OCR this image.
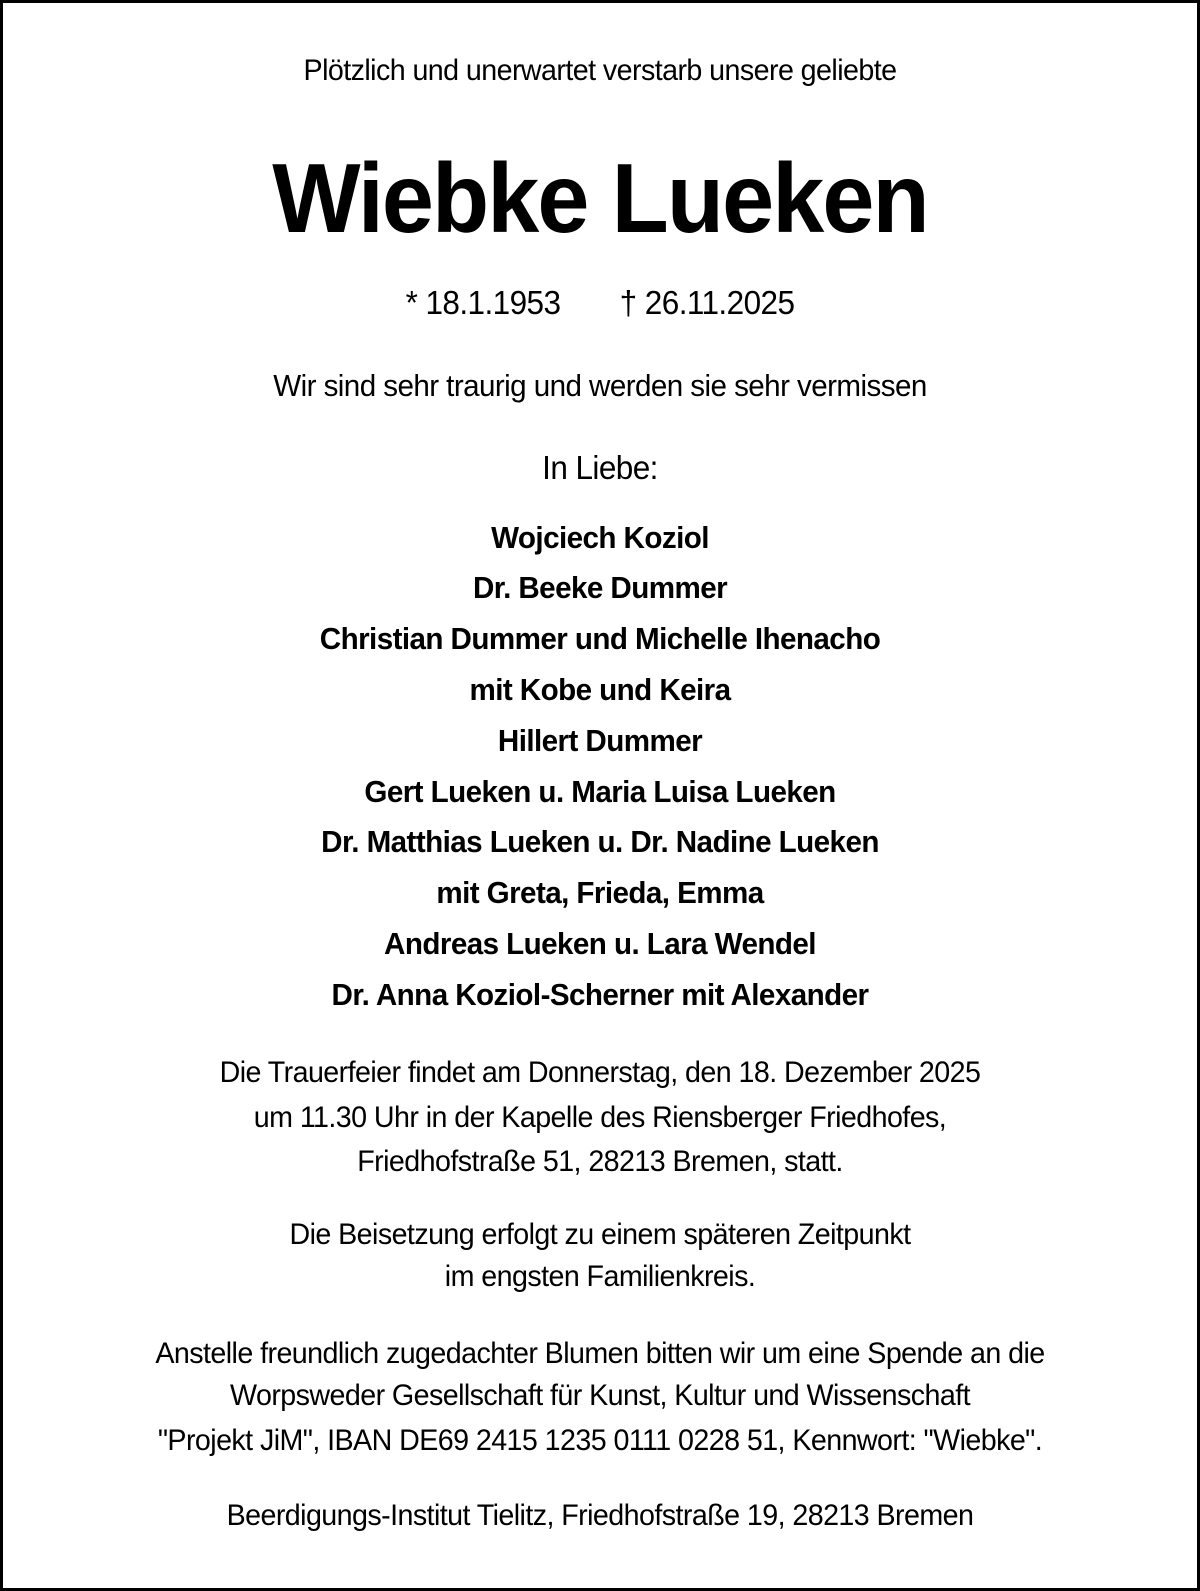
Plötzlich und unerwartet verstarb unsere geliebte
Wiebke Lueken
* 18.1.1953 † 26.11.2025
Wir sind sehr traurig und werden sie sehr vermissen
In Liebe:
Wojciech Koziol
Dr. Beeke Dummer
Christian Dummer und Michelle Ihenacho
mit Kobe und Keira
Hillert Dummer
Gert Lueken u. Maria Luisa Lueken
Dr. Matthias Lueken u. Dr. Nadine Lueken
mit Greta, Frieda, Emma
Andreas Lueken u. Lara Wendel
Dr. Anna Koziol-Scherner mit Alexander
Die Trauerfeier findet am Donnerstag, den 18. Dezember 2025
um 11.30 Uhr in der Kapelle des Riensberger Friedhofes,
Friedhofstraße 51, 28213 Bremen, statt.
Die Beisetzung erfolgt zu einem späteren Zeitpunkt
im engsten Familienkreis.
Anstelle freundlich zugedachter Blumen bitten wir um eine Spende an die
Worpsweder Gesellschaft für Kunst, Kultur und Wissenschaft
"Projekt JiM", IBAN DE69 2415 1235 0111 0228 51, Kennwort: "Wiebke".
Beerdigungs-Institut Tielitz, Friedhofstraße 19, 28213 Bremen
